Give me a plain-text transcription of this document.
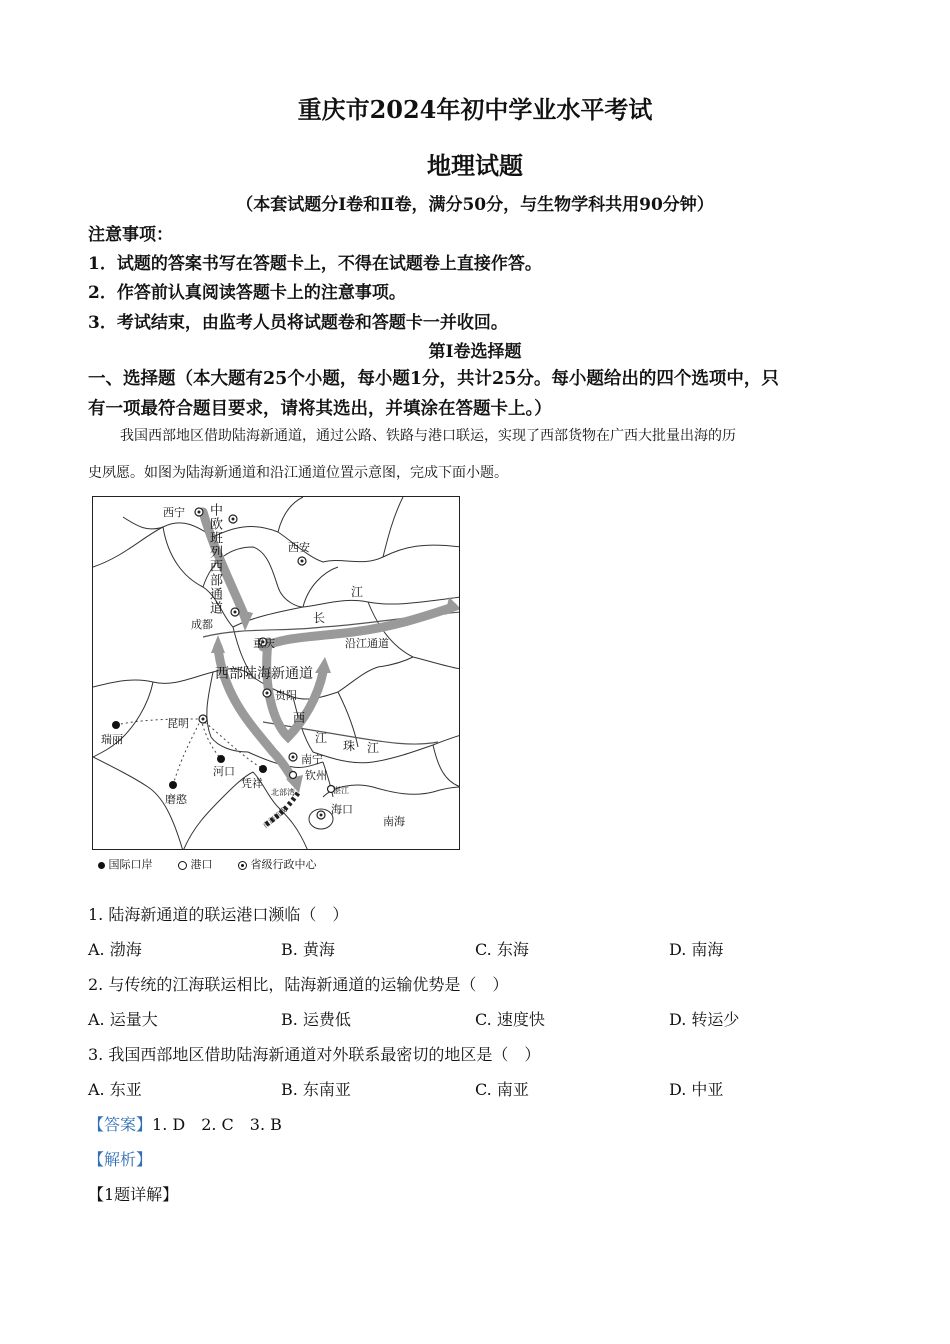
重庆市2024年初中学业水平考试
地理试题
（本套试题分Ⅰ卷和Ⅱ卷，满分50分，与生物学科共用90分钟）
注意事项：
1．试题的答案书写在答题卡上，不得在试题卷上直接作答。
2．作答前认真阅读答题卡上的注意事项。
3．考试结束，由监考人员将试题卷和答题卡一并收回。
第Ⅰ卷选择题
一、选择题（本大题有25个小题，每小题1分，共计25分。每小题给出的四个选项中，只
有一项最符合题目要求，请将其选出，并填涂在答题卡上。）
我国西部地区借助陆海新通道，通过公路、铁路与港口联运，实现了西部货物在广西大批量出海的历
史夙愿。如图为陆海新通道和沿江通道位置示意图，完成下面小题。
西宁
西安
成都
重庆
贵阳
昆明
瑞丽
河口
磨憨
凭祥
南宁
钦州
北部湾	湛江
海口
南海
长
江
西
江
珠 江
中欧班列西部通道
沿江通道
西部陆海新通道
南海航线
国际口岸	港口	省级行政中心
1. 陆海新通道的联运港口濒临（　）
A. 渤海	B. 黄海	C. 东海	D. 南海
2. 与传统的江海联运相比，陆海新通道的运输优势是（　）
A. 运量大	B. 运费低	C. 速度快	D. 转运少
3. 我国西部地区借助陆海新通道对外联系最密切的地区是（　）
A. 东亚	B. 东南亚	C. 南亚	D. 中亚
【答案】1. D　2. C　3. B
【解析】
【1题详解】
